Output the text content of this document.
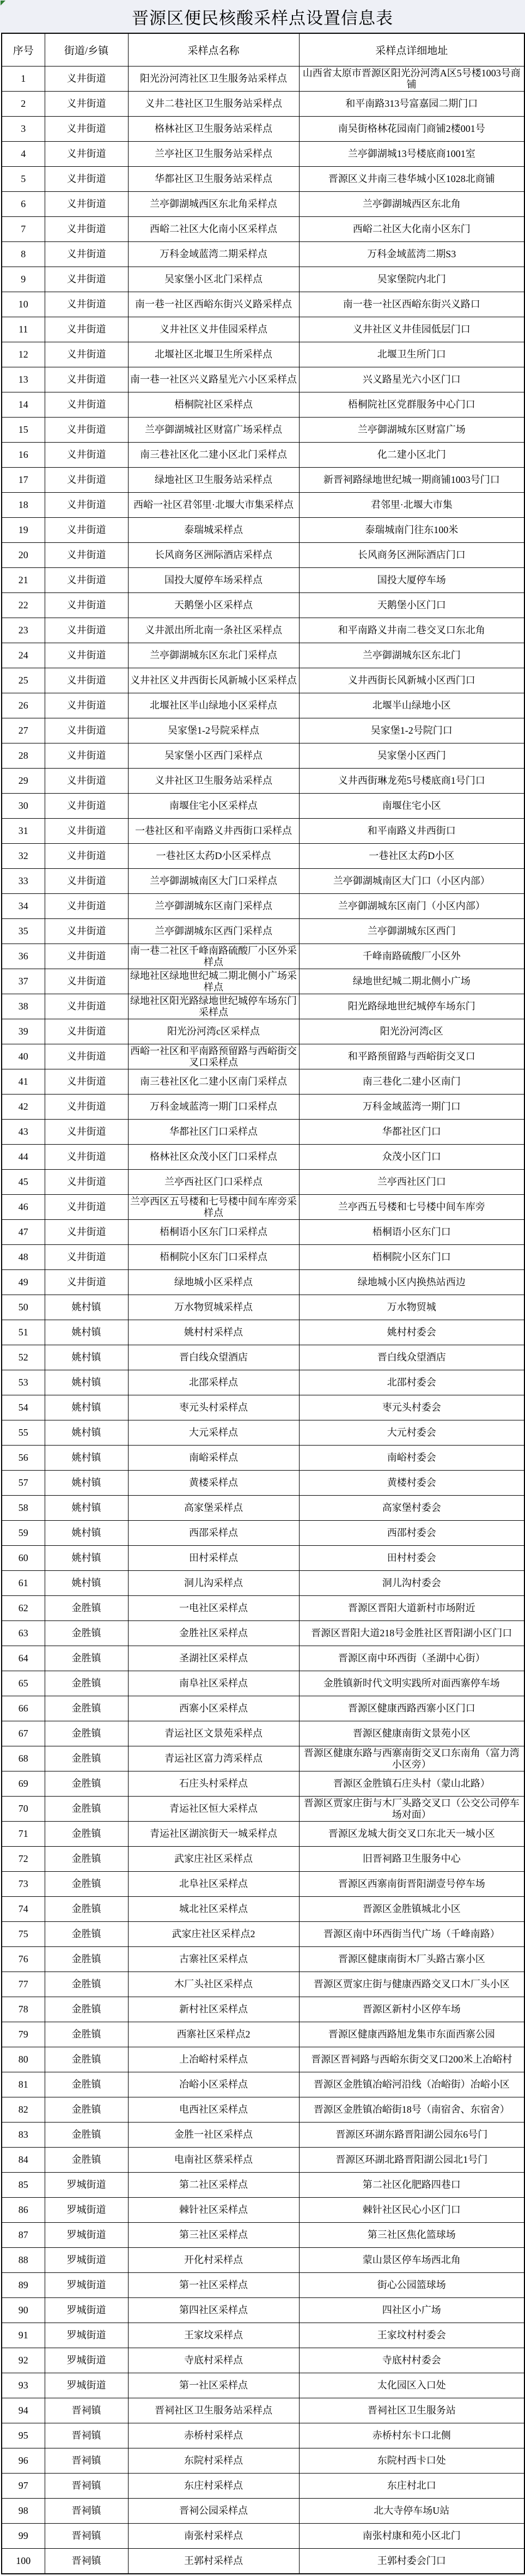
晋源区便民核酸采样点设置信息表
序号	街道/乡镇	采样点名称	采样点详细地址
1	义井街道	阳光汾河湾社区卫生服务站采样点	山西省太原市晋源区阳光汾河湾A区5号楼1003号商铺
2	义井街道	义井二巷社区卫生服务站采样点	和平南路313号富嘉园二期门口
3	义井街道	格林社区卫生服务站采样点	南吴街格林花园南门商铺2楼001号
4	义井街道	兰亭社区卫生服务站采样点	兰亭御湖城13号楼底商1001室
5	义井街道	华都社区卫生服务站采样点	晋源区义井南三巷华城小区1028北商铺
6	义井街道	兰亭御湖城西区东北角采样点	兰亭御湖城西区东北角
7	义井街道	西峪二社区大化南小区采样点	西峪二社区大化南小区东门
8	义井街道	万科金域蓝湾二期采样点	万科金域蓝湾二期S3
9	义井街道	吴家堡小区北门采样点	吴家堡院内北门
10	义井街道	南一巷一社区西峪东街兴义路采样点	南一巷一社区西峪东街兴义路口
11	义井街道	义井社区义井佳园采样点	义井社区义井佳园低层门口
12	义井街道	北堰社区北堰卫生所采样点	北堰卫生所门口
13	义井街道	南一巷一社区兴义路星光六小区采样点	兴义路星光六小区门口
14	义井街道	梧桐院社区采样点	梧桐院社区党群服务中心门口
15	义井街道	兰亭御湖城社区财富广场采样点	兰亭御湖城东区财富广场
16	义井街道	南三巷社区化二建小区北门采样点	化二建小区北门
17	义井街道	绿地社区卫生服务站采样点	新晋祠路绿地世纪城一期商铺1003号门口
18	义井街道	西峪一社区君邻里·北堰大市集采样点	君邻里·北堰大市集
19	义井街道	泰瑞城采样点	泰瑞城南门往东100米
20	义井街道	长风商务区洲际酒店采样点	长风商务区洲际酒店门口
21	义井街道	国投大厦停车场采样点	国投大厦停车场
22	义井街道	天鹅堡小区采样点	天鹅堡小区门口
23	义井街道	义井派出所北南一条社区采样点	和平南路义井南二巷交叉口东北角
24	义井街道	兰亭御湖城东区东北门采样点	兰亭御湖城东区东北门
25	义井街道	义井社区义井西街长风新城小区采样点	义井西街长风新城小区西门口
26	义井街道	北堰社区半山绿地小区采样点	北堰半山绿地小区
27	义井街道	吴家堡1-2号院采样点	吴家堡1-2号院门口
28	义井街道	吴家堡小区西门采样点	吴家堡小区西门
29	义井街道	义井社区卫生服务站采样点	义井西街琳龙苑5号楼底商1号门口
30	义井街道	南堰住宅小区采样点	南堰住宅小区
31	义井街道	一巷社区和平南路义井西街口采样点	和平南路义井西街口
32	义井街道	一巷社区太药D小区采样点	一巷社区太药D小区
33	义井街道	兰亭御湖城南区大门口采样点	兰亭御湖城南区大门口（小区内部）
34	义井街道	兰亭御湖城东区南门采样点	兰亭御湖城东区南门（小区内部）
35	义井街道	兰亭御湖城东区西门采样点	兰亭御湖城东区西门
36	义井街道	南一巷二社区千峰南路硫酸厂小区外采样点	千峰南路硫酸厂小区外
37	义井街道	绿地社区绿地世纪城二期北侧小广场采样点	绿地世纪城二期北侧小广场
38	义井街道	绿地社区阳光路绿地世纪城停车场东门采样点	阳光路绿地世纪城停车场东门
39	义井街道	阳光汾河湾c区采样点	阳光汾河湾c区
40	义井街道	西峪一社区和平南路预留路与西峪街交叉口采样点	和平路预留路与西峪街交叉口
41	义井街道	南三巷社区化二建小区南门采样点	南三巷化二建小区南门
42	义井街道	万科金域蓝湾一期门口采样点	万科金域蓝湾一期门口
43	义井街道	华都社区门口采样点	华都社区门口
44	义井街道	格林社区众茂小区门口采样点	众茂小区门口
45	义井街道	兰亭西社区门口采样点	兰亭西社区门口
46	义井街道	兰亭西区五号楼和七号楼中间车库旁采样点	兰亭西五号楼和七号楼中间车库旁
47	义井街道	梧桐语小区东门口采样点	梧桐语小区东门口
48	义井街道	梧桐院小区东门口采样点	梧桐院小区东门口
49	义井街道	绿地城小区采样点	绿地城小区内换热站西边
50	姚村镇	万水物贸城采样点	万水物贸城
51	姚村镇	姚村村采样点	姚村村委会
52	姚村镇	晋白线众望酒店	晋白线众望酒店
53	姚村镇	北邵采样点	北邵村委会
54	姚村镇	枣元头村采样点	枣元头村委会
55	姚村镇	大元采样点	大元村委会
56	姚村镇	南峪采样点	南峪村委会
57	姚村镇	黄楼采样点	黄楼村委会
58	姚村镇	高家堡采样点	高家堡村委会
59	姚村镇	西邵采样点	西邵村委会
60	姚村镇	田村采样点	田村村委会
61	姚村镇	洞儿沟采样点	洞儿沟村委会
62	金胜镇	一电社区采样点	晋源区晋阳大道新村市场附近
63	金胜镇	金胜社区采样点	晋源区晋阳大道218号金胜社区晋阳湖小区门口
64	金胜镇	圣湖社区采样点	晋源区南中环西街（圣湖中心街）
65	金胜镇	南阜社区采样点	金胜镇新时代文明实践所对面西寨停车场
66	金胜镇	西寨小区采样点	晋源区健康西路西寨小区门口
67	金胜镇	青运社区文景苑采样点	晋源区健康南街文景苑小区
68	金胜镇	青运社区富力湾采样点	晋源区健康东路与西寨南街交叉口东南角（富力湾小区旁）
69	金胜镇	石庄头村采样点	晋源区金胜镇石庄头村（蒙山北路）
70	金胜镇	青运社区恒大采样点	晋源区贾家庄街与木厂头路交叉口（公交公司停车场对面）
71	金胜镇	青运社区湖滨街天一城采样点	晋源区龙城大街交叉口东北天一城小区
72	金胜镇	武家庄社区采样点	旧晋祠路卫生服务中心
73	金胜镇	北阜社区采样点	晋源区西寨南街晋阳湖壹号停车场
74	金胜镇	城北社区采样点	晋源区金胜镇城北小区
75	金胜镇	武家庄社区采样点2	晋源区南中环西街当代广场（千峰南路）
76	金胜镇	古寨社区采样点	晋源区健康南街木厂头路古寨小区
77	金胜镇	木厂头社区采样点	晋源区贾家庄街与健康西路交叉口木厂头小区
78	金胜镇	新村社区采样点	晋源区新村小区停车场
79	金胜镇	西寨社区采样点2	晋源区健康西路旭龙集市东面西寨公园
80	金胜镇	上冶峪村采样点	晋源区晋祠路与西峪东街交叉口200米上冶峪村
81	金胜镇	冶峪小区采样点	晋源区金胜镇冶峪河沿线（冶峪街）冶峪小区
82	金胜镇	电西社区采样点	晋源区金胜镇冶峪街18号（南宿舍、东宿舍）
83	金胜镇	金胜一社区采样点	晋源区环湖东路晋阳湖公园东6号门
84	金胜镇	电南社区蔡采样点	晋源区环湖北路晋阳湖公园北1号门
85	罗城街道	第二社区采样点	第二社区化肥路四巷口
86	罗城街道	棘针社区采样点	棘针社区民心小区门口
87	罗城街道	第三社区采样点	第三社区焦化篮球场
88	罗城街道	开化村采样点	蒙山景区停车场西北角
89	罗城街道	第一社区采样点	街心公园篮球场
90	罗城街道	第四社区采样点	四社区小广场
91	罗城街道	王家坟采样点	王家坟村村委会
92	罗城街道	寺底村采样点	寺底村村委会
93	罗城街道	第一社区采样点	太化园区入口处
94	晋祠镇	晋祠社区卫生服务站采样点	晋祠社区卫生服务站
95	晋祠镇	赤桥村采样点	赤桥村东卡口北侧
96	晋祠镇	东院村采样点	东院村西卡口处
97	晋祠镇	东庄村采样点	东庄村北口
98	晋祠镇	晋祠公园采样点	北大寺停车场U站
99	晋祠镇	南张村采样点	南张村康和苑小区北门
100	晋祠镇	王郭村采样点	王郭村委会门口
